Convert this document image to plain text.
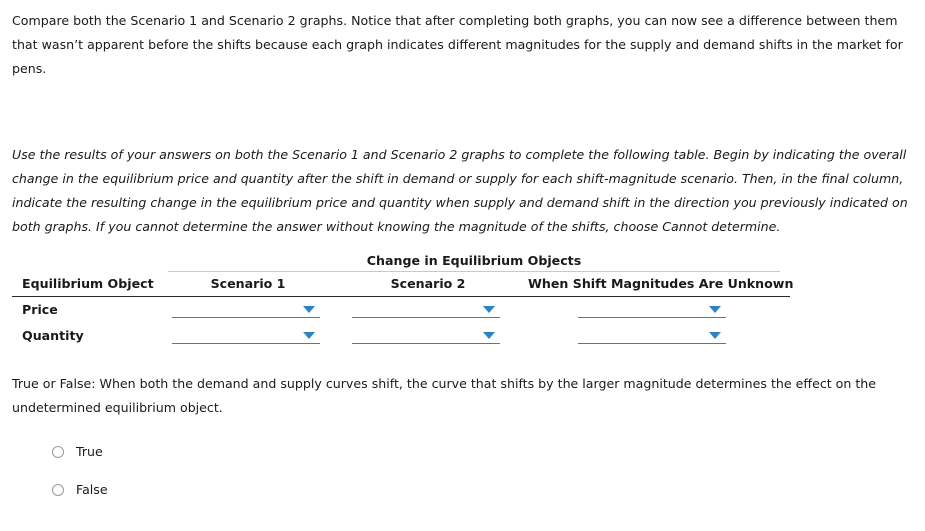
Compare both the Scenario 1 and Scenario 2 graphs. Notice that after completing both graphs, you can now see a difference between them that wasn’t apparent before the shifts because each graph indicates different magnitudes for the supply and demand shifts in the market for pens.

Use the results of your answers on both the Scenario 1 and Scenario 2 graphs to complete the following table. Begin by indicating the overall change in the equilibrium price and quantity after the shift in demand or supply for each shift-magnitude scenario. Then, in the final column, indicate the resulting change in the equilibrium price and quantity when supply and demand shift in the direction you previously indicated on both graphs. If you cannot determine the answer without knowing the magnitude of the shifts, choose Cannot determine.

Change in Equilibrium Objects
Equilibrium Object	Scenario 1	Scenario 2	When Shift Magnitudes Are Unknown
Price
Quantity

True or False: When both the demand and supply curves shift, the curve that shifts by the larger magnitude determines the effect on the undetermined equilibrium object.

True
False
